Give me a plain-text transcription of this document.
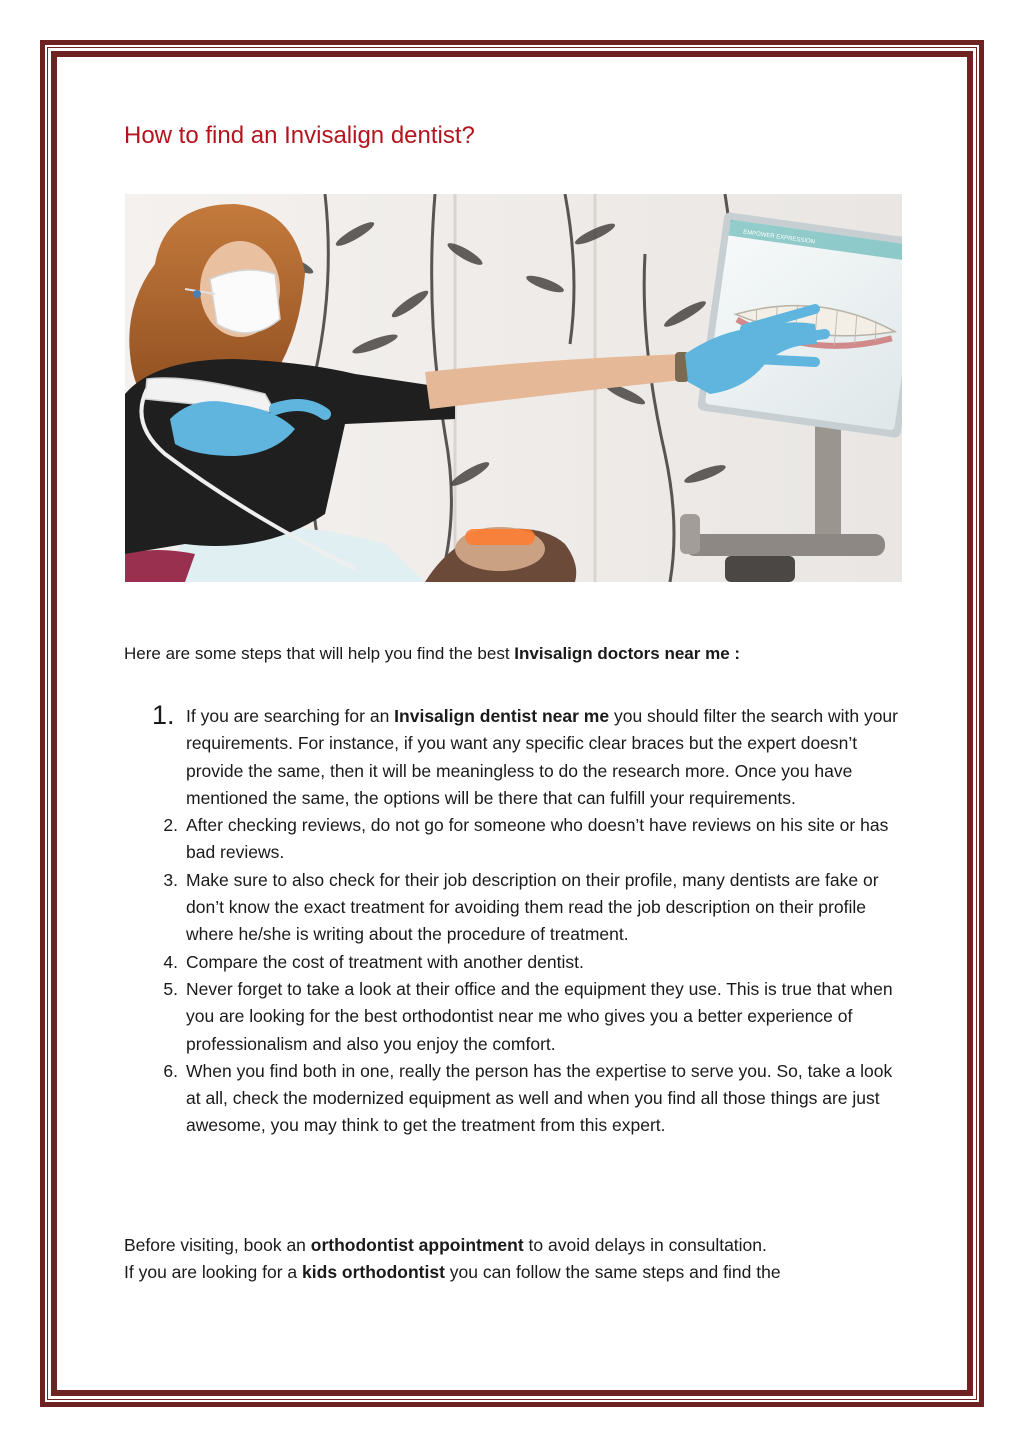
How to find an Invisalign dentist?
EMPOWER EXPRESSION

Here are some steps that will help you find the best Invisalign doctors near me :

1. If you are searching for an Invisalign dentist near me you should filter the search with your requirements. For instance, if you want any specific clear braces but the expert doesn’t provide the same, then it will be meaningless to do the research more. Once you have mentioned the same, the options will be there that can fulfill your requirements.
2. After checking reviews, do not go for someone who doesn’t have reviews on his site or has bad reviews.
3. Make sure to also check for their job description on their profile, many dentists are fake or don’t know the exact treatment for avoiding them read the job description on their profile where he/she is writing about the procedure of treatment.
4. Compare the cost of treatment with another dentist.
5. Never forget to take a look at their office and the equipment they use. This is true that when you are looking for the best orthodontist near me who gives you a better experience of professionalism and also you enjoy the comfort.
6. When you find both in one, really the person has the expertise to serve you. So, take a look at all, check the modernized equipment as well and when you find all those things are just awesome, you may think to get the treatment from this expert.

Before visiting, book an orthodontist appointment to avoid delays in consultation.
If you are looking for a kids orthodontist you can follow the same steps and find the
